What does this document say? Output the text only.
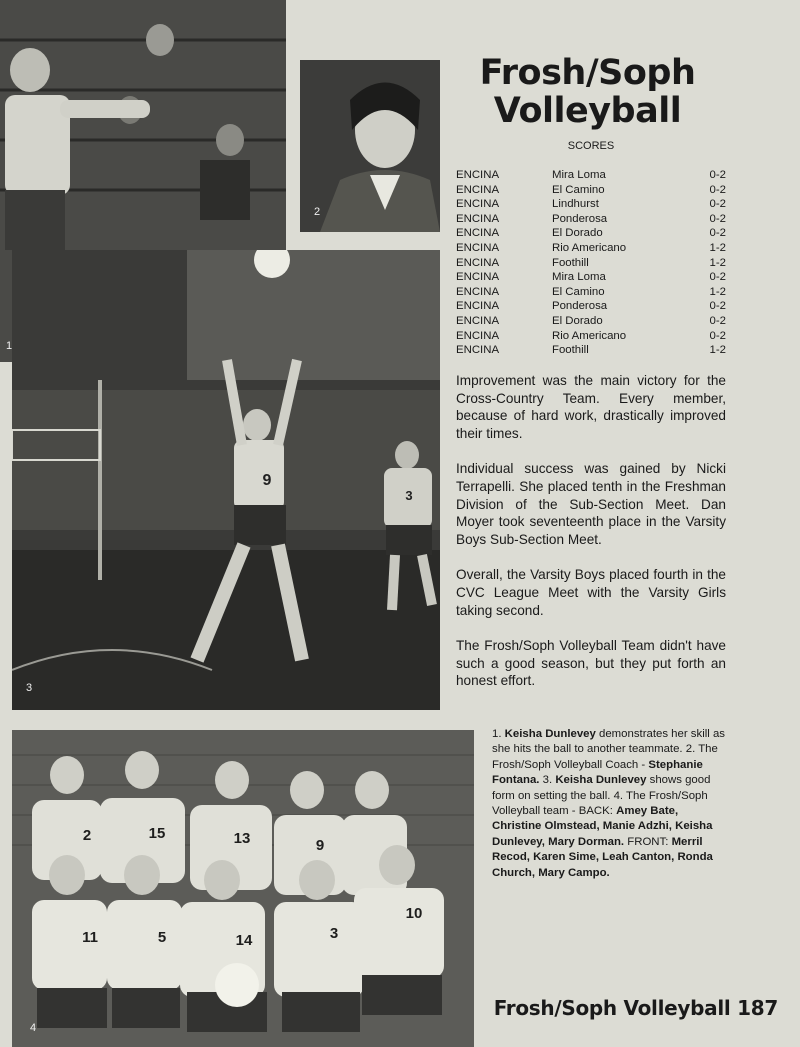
1
2
9
3
3
2	15	13	9
11	5	14	3
10
4
Frosh/Soph Volleyball
SCORES
ENCINA	Mira Loma	0-2
ENCINA	El Camino	0-2
ENCINA	Lindhurst	0-2
ENCINA	Ponderosa	0-2
ENCINA	El Dorado	0-2
ENCINA	Rio Americano	1-2
ENCINA	Foothill	1-2
ENCINA	Mira Loma	0-2
ENCINA	El Camino	1-2
ENCINA	Ponderosa	0-2
ENCINA	El Dorado	0-2
ENCINA	Rio Americano	0-2
ENCINA	Foothill	1-2

Improvement was the main victory for the Cross-Country Team. Every member, because of hard work, drastically improved their times.

Individual success was gained by Nicki Terrapelli. She placed tenth in the Freshman Division of the Sub-Section Meet. Dan Moyer took seventeenth place in the Varsity Boys Sub-Section Meet.

Overall, the Varsity Boys placed fourth in the CVC League Meet with the Varsity Girls taking second.

The Frosh/Soph Volleyball Team didn't have such a good season, but they put forth an honest effort.

1. Keisha Dunlevey demonstrates her skill as she hits the ball to another teammate. 2. The Frosh/Soph Volleyball Coach - Stephanie Fontana. 3. Keisha Dunlevey shows good form on setting the ball. 4. The Frosh/Soph Volleyball team - BACK: Amey Bate, Christine Olmstead, Manie Adzhi, Keisha Dunlevey, Mary Dorman. FRONT: Merril Recod, Karen Sime, Leah Canton, Ronda Church, Mary Campo.
Frosh/Soph Volleyball 187
